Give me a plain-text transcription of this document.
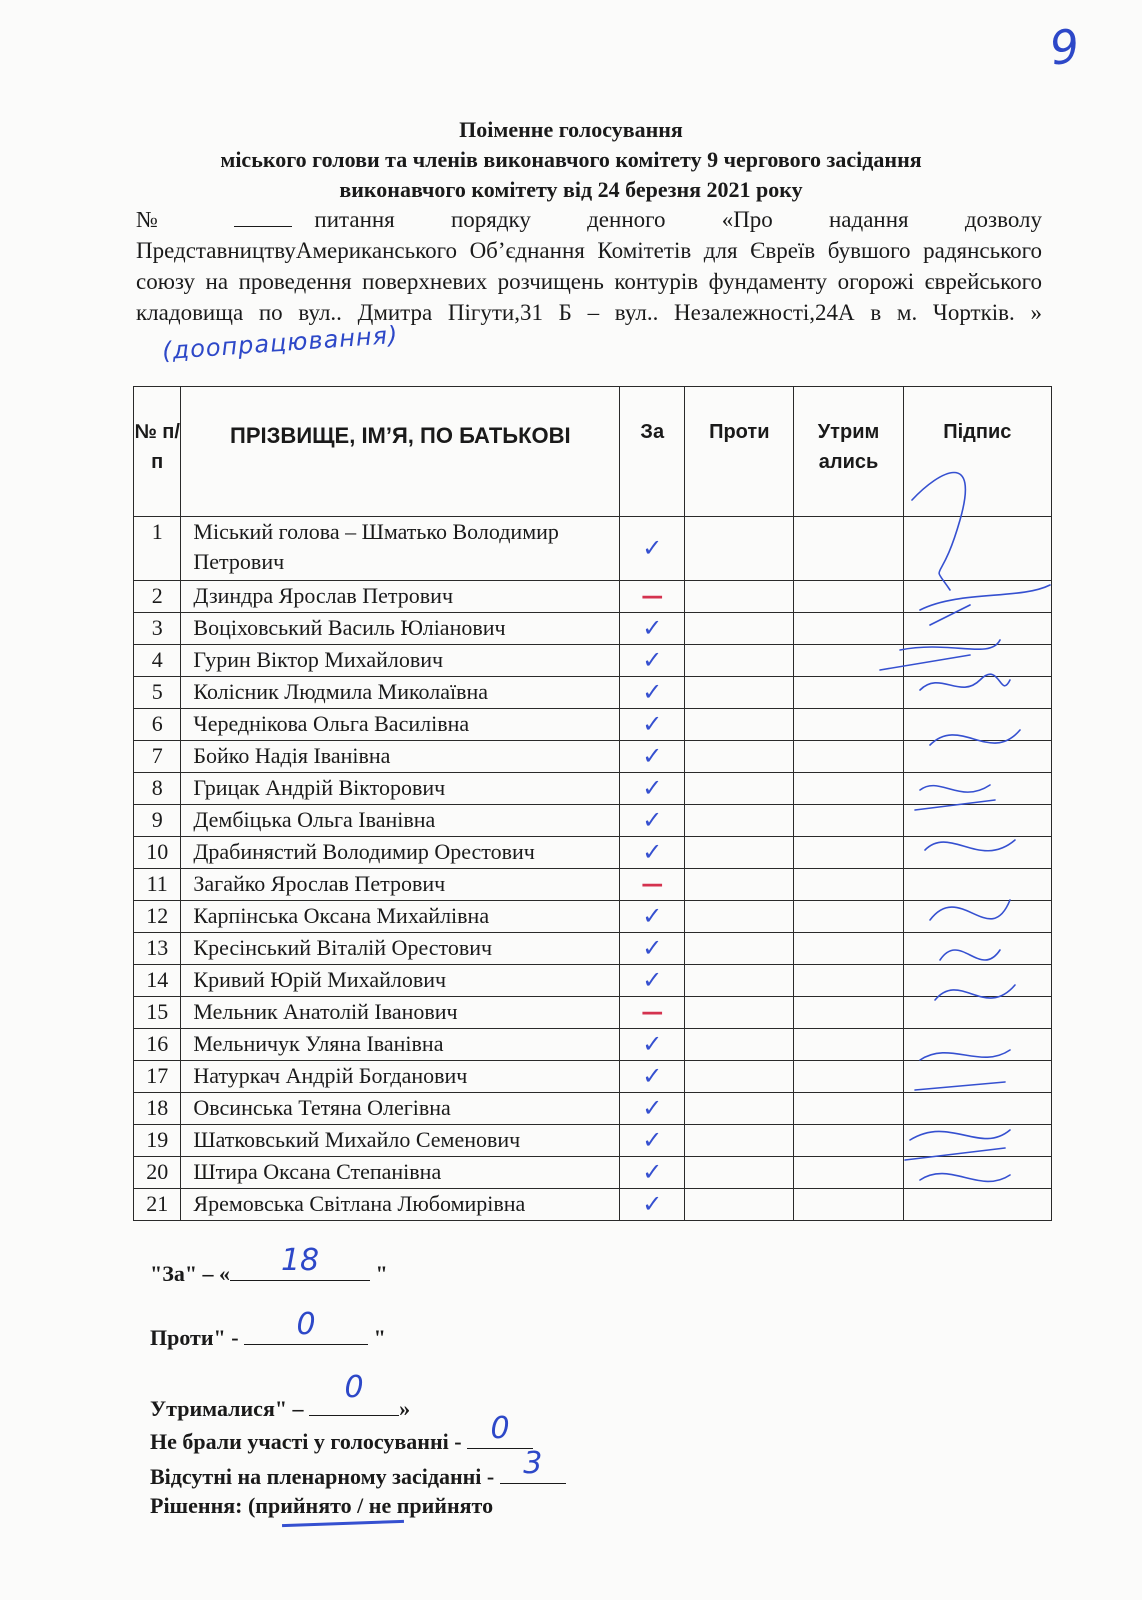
9
Поіменне голосування
міського голови та членів виконавчого комітету 9 чергового засідання
виконавчого комітету від 24 березня 2021 року
№	питання порядку денного «Про надання дозволу ПредставництвуАмериканського Об’єднання Комітетів для Євреїв бувшого радянського союзу на проведення поверхневих розчищень контурів фундаменту огорожі єврейського кладовища по вул.. Дмитра Пігути,31 Б – вул.. Незалежності,24А в м. Чортків. »( доопрацювання )
№ п/ п	ПРІЗВИЩЕ, ІМ’Я, ПО БАТЬКОВІ	За	Проти	Утрим ались	Підпис
1	Міський голова – Шматько Володимир Петрович	✓			
2	Дзиндра Ярослав Петрович	—			
3	Воціховський Василь Юліанович	✓			
4	Гурин Віктор Михайлович	✓			
5	Колісник Людмила Миколаївна	✓			
6	Череднікова Ольга Василівна	✓			
7	Бойко Надія Іванівна	✓			
8	Грицак Андрій Вікторович	✓			
9	Дембіцька Ольга Іванівна	✓			
10	Драбинястий Володимир Орестович	✓			
11	Загайко Ярослав Петрович	—			
12	Карпінська Оксана Михайлівна	✓			
13	Кресінський Віталій Орестович	✓			
14	Кривий Юрій Михайлович	✓			
15	Мельник Анатолій Іванович	—			
16	Мельничук Уляна Іванівна	✓			
17	Натуркач Андрій Богданович	✓			
18	Овсинська Тетяна Олегівна	✓			
19	Шатковський Михайло Семенович	✓			
20	Штира Оксана Степанівна	✓			
21	Яремовська Світлана Любомирівна	✓			
"За" – «	18	"
Проти" -	0	"
Утрималися" –
0
»
Не брали участі у голосуванні - 0
Відсутні на пленарному засіданні - 3
Рішення: (прийнято / не прийнято
